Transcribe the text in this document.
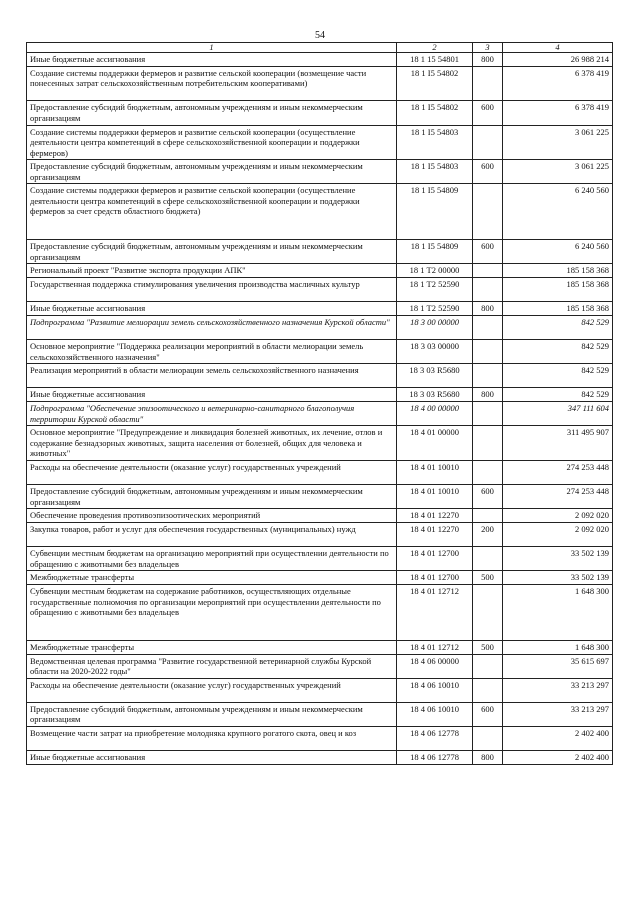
54
1	2	3	4
Иные бюджетные ассигнования	18 1 15 54801	800	26 988 214
Создание системы поддержки фермеров и развитие сельской кооперации (возмещение части понесенных затрат сельскохозяйственным потребительским кооперативами)	18 1 I5 54802		6 378 419
Предоставление субсидий бюджетным, автономным учреждениям и иным некоммерческим организациям	18 1 I5 54802	600	6 378 419
Создание системы поддержки фермеров и развитие сельской кооперации (осуществление деятельности центра компетенций в сфере сельскохозяйственной кооперации и поддержки фермеров)	18 1 I5 54803		3 061 225
Предоставление субсидий бюджетным, автономным учреждениям и иным некоммерческим организациям	18 1 I5 54803	600	3 061 225
Создание системы поддержки фермеров и развитие сельской кооперации (осуществление деятельности центра компетенций в сфере сельскохозяйственной кооперации и поддержки фермеров за счет средств областного бюджета)	18 1 I5 54809		6 240 560
Предоставление субсидий бюджетным, автономным учреждениям и иным некоммерческим организациям	18 1 I5 54809	600	6 240 560
Региональный проект "Развитие экспорта продукции АПК"	18 1 T2 00000		185 158 368
Государственная поддержка стимулирования увеличения производства масличных культур	18 1 T2 52590		185 158 368
Иные бюджетные ассигнования	18 1 T2 52590	800	185 158 368
Подпрограмма "Развитие мелиорации земель сельскохозяйственного назначения Курской области"	18 3 00 00000		842 529
Основное мероприятие "Поддержка реализации мероприятий в области мелиорации земель сельскохозяйственного назначения"	18 3 03 00000		842 529
Реализация мероприятий в области мелиорации земель сельскохозяйственного назначения	18 3 03 R5680		842 529
Иные бюджетные ассигнования	18 3 03 R5680	800	842 529
Подпрограмма "Обеспечение эпизоотического и ветеринарно-санитарного благополучия территории Курской области"	18 4 00 00000		347 111 604
Основное мероприятие "Предупреждение и ликвидация болезней животных, их лечение, отлов и содержание безнадзорных животных, защита населения от болезней, общих для человека и животных"	18 4 01 00000		311 495 907
Расходы на обеспечение деятельности (оказание услуг) государственных учреждений	18 4 01 10010		274 253 448
Предоставление субсидий бюджетным, автономным учреждениям и иным некоммерческим организациям	18 4 01 10010	600	274 253 448
Обеспечение проведения противоэпизоотических мероприятий	18 4 01 12270		2 092 020
Закупка товаров, работ и услуг для обеспечения государственных (муниципальных) нужд	18 4 01 12270	200	2 092 020
Субвенции местным бюджетам на организацию мероприятий при осуществлении деятельности по обращению с животными без владельцев	18 4 01 12700		33 502 139
Межбюджетные трансферты	18 4 01 12700	500	33 502 139
Субвенции местным бюджетам на содержание работников, осуществляющих отдельные государственные полномочия по организации мероприятий при осуществлении деятельности по обращению с животными без владельцев	18 4 01 12712		1 648 300
Межбюджетные трансферты	18 4 01 12712	500	1 648 300
Ведомственная целевая программа "Развитие государственной ветеринарной службы Курской области на 2020-2022 годы"	18 4 06 00000		35 615 697
Расходы на обеспечение деятельности (оказание услуг) государственных учреждений	18 4 06 10010		33 213 297
Предоставление субсидий бюджетным, автономным учреждениям и иным некоммерческим организациям	18 4 06 10010	600	33 213 297
Возмещение части затрат на приобретение молодняка крупного рогатого скота, овец и коз	18 4 06 12778		2 402 400
Иные бюджетные ассигнования	18 4 06 12778	800	2 402 400
